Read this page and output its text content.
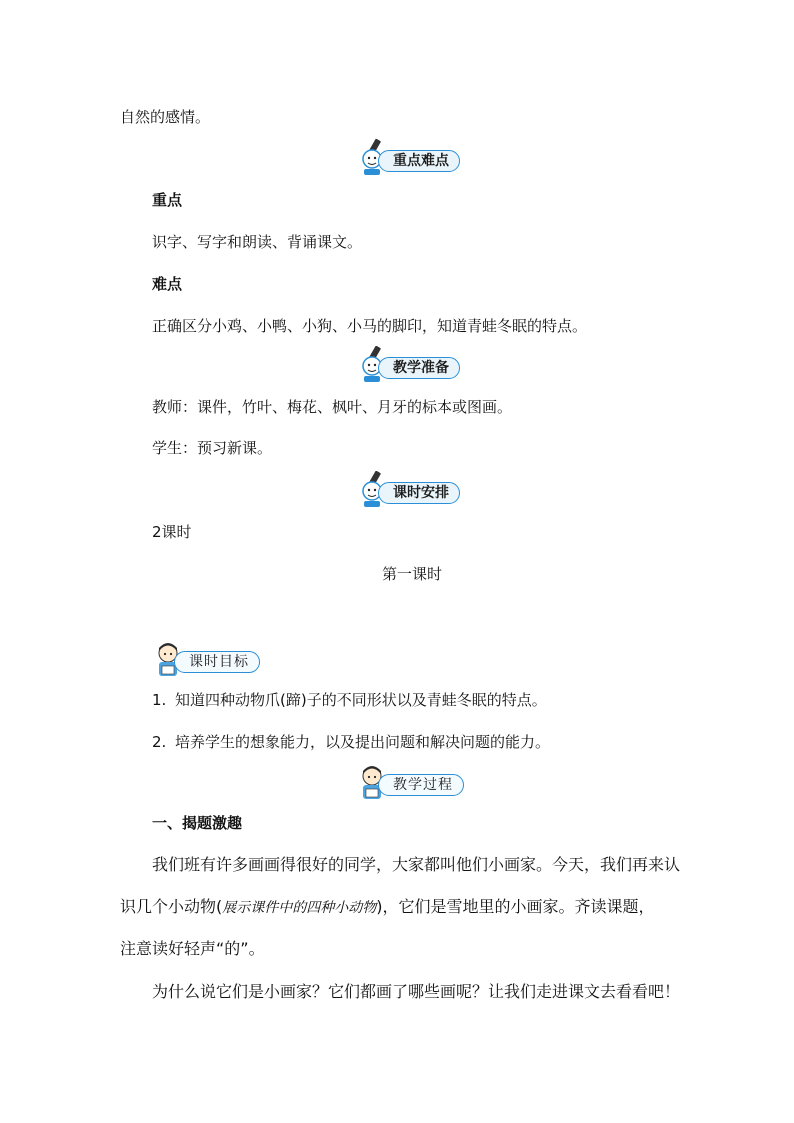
自然的感情。
重点难点
重点
识字、写字和朗读、背诵课文。
难点
正确区分小鸡、小鸭、小狗、小马的脚印，知道青蛙冬眠的特点。
教学准备
教师：课件，竹叶、梅花、枫叶、月牙的标本或图画。
学生：预习新课。
课时安排
2课时
第一课时
课时目标
1. 知道四种动物爪(蹄)子的不同形状以及青蛙冬眠的特点。
2. 培养学生的想象能力，以及提出问题和解决问题的能力。
教学过程
一、揭题激趣
我们班有许多画画得很好的同学，大家都叫他们小画家。今天，我们再来认
识几个小动物(展示课件中的四种小动物)，它们是雪地里的小画家。齐读课题，
注意读好轻声“的”。
为什么说它们是小画家？它们都画了哪些画呢？让我们走进课文去看看吧！
